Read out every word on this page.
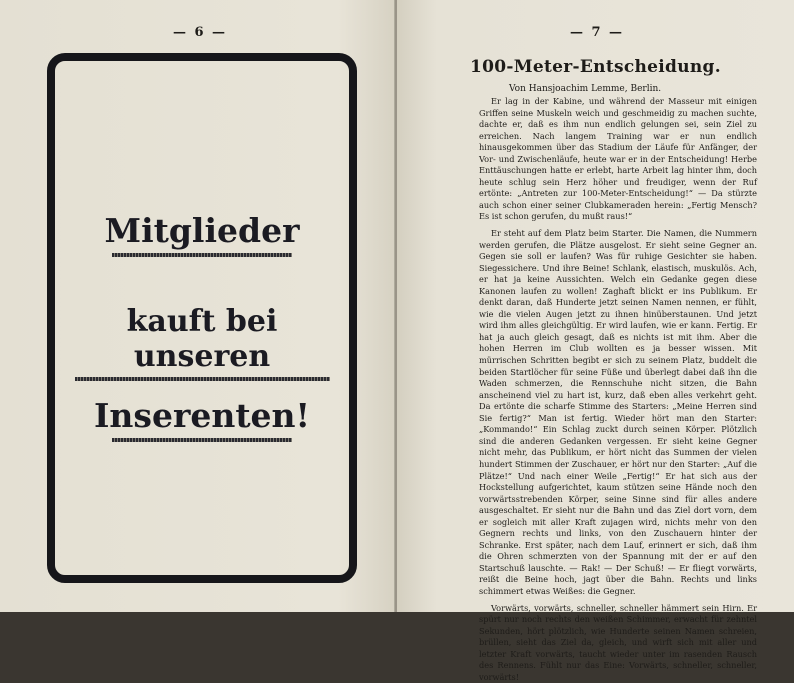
— 6 —
Mitglieder
kauft bei unseren
Inserenten!
— 7 —
100-Meter-Entscheidung.
Von Hansjoachim Lemme, Berlin.

Er lag in der Kabine, und während der Masseur mit einigen Griffen seine Muskeln weich und geschmeidig zu machen suchte, dachte er, daß es ihm nun endlich gelungen sei, sein Ziel zu erreichen. Nach langem Training war er nun endlich hinausgekommen über das Stadium der Läufe für Anfänger, der Vor- und Zwischenläufe, heute war er in der Entscheidung! Herbe Enttäuschungen hatte er erlebt, harte Arbeit lag hinter ihm, doch heute schlug sein Herz höher und freudiger, wenn der Ruf ertönte: „Antreten zur 100-Meter-Entscheidung!“ — Da stürzte auch schon einer seiner Clubkameraden herein: „Fertig Mensch? Es ist schon gerufen, du mußt raus!“

Er steht auf dem Platz beim Starter. Die Namen, die Nummern werden gerufen, die Plätze ausgelost. Er sieht seine Gegner an. Gegen sie soll er laufen? Was für ruhige Gesichter sie haben. Siegessichere. Und ihre Beine! Schlank, elastisch, muskulös. Ach, er hat ja keine Aussichten. Welch ein Gedanke gegen diese Kanonen laufen zu wollen! Zaghaft blickt er ins Publikum. Er denkt daran, daß Hunderte jetzt seinen Namen nennen, er fühlt, wie die vielen Augen jetzt zu ihnen hinüberstaunen. Und jetzt wird ihm alles gleichgültig. Er wird laufen, wie er kann. Fertig. Er hat ja auch gleich gesagt, daß es nichts ist mit ihm. Aber die hohen Herren im Club wollten es ja besser wissen. Mit mürrischen Schritten begibt er sich zu seinem Platz, buddelt die beiden Startlöcher für seine Füße und überlegt dabei daß ihn die Waden schmerzen, die Rennschuhe nicht sitzen, die Bahn anscheinend viel zu hart ist, kurz, daß eben alles verkehrt geht. Da ertönte die scharfe Stimme des Starters: „Meine Herren sind Sie fertig?“ Man ist fertig. Wieder hört man den Starter: „Kommando!“ Ein Schlag zuckt durch seinen Körper. Plötzlich sind die anderen Gedanken vergessen. Er sieht keine Gegner nicht mehr, das Publikum, er hört nicht das Summen der vielen hundert Stimmen der Zuschauer, er hört nur den Starter: „Auf die Plätze!“ Und nach einer Weile „Fertig!“ Er hat sich aus der Hockstellung aufgerichtet, kaum stützen seine Hände noch den vorwärtsstrebenden Körper, seine Sinne sind für alles andere ausgeschaltet. Er sieht nur die Bahn und das Ziel dort vorn, dem er sogleich mit aller Kraft zujagen wird, nichts mehr von den Gegnern rechts und links, von den Zuschauern hinter der Schranke. Erst später, nach dem Lauf, erinnert er sich, daß ihm die Ohren schmerzten von der Spannung mit der er auf den Startschuß lauschte. — Rak! — Der Schuß! — Er fliegt vorwärts, reißt die Beine hoch, jagt über die Bahn. Rechts und links schimmert etwas Weißes: die Gegner.

Vorwärts, vorwärts, schneller, schneller hämmert sein Hirn. Er spürt nur noch rechts den weißen Schimmer, erwacht für zehntel Sekunden, hört plötzlich, wie Hunderte seinen Namen schreien, brüllen, sieht das Ziel da, gleich, und wirft sich mit aller und letzter Kraft vorwärts, taucht wieder unter im rasenden Rausch des Rennens. Fühlt nur das Eine: Vorwärts, schneller, schneller, vorwärts!
